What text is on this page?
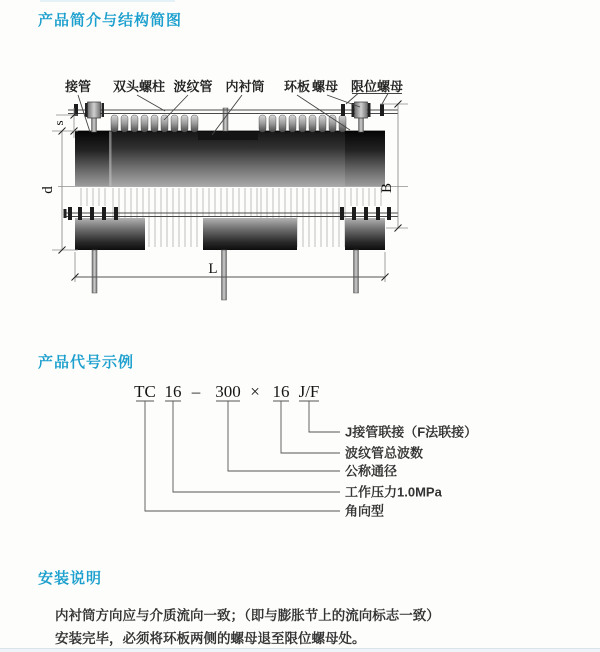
产品简介与结构简图
接管 双头螺柱 波纹管 内衬筒 环板 螺母 限位螺母
s
d	B
L
产品代号示例
TC 16 – 300 × 16 J/F
J接管联接（F法联接）
波纹管总波数
公称通径
工作压力1.0MPa
角向型
安装说明

内衬筒方向应与介质流向一致；（即与膨胀节上的流向标志一致）

安装完毕，必须将环板两侧的螺母退至限位螺母处。
